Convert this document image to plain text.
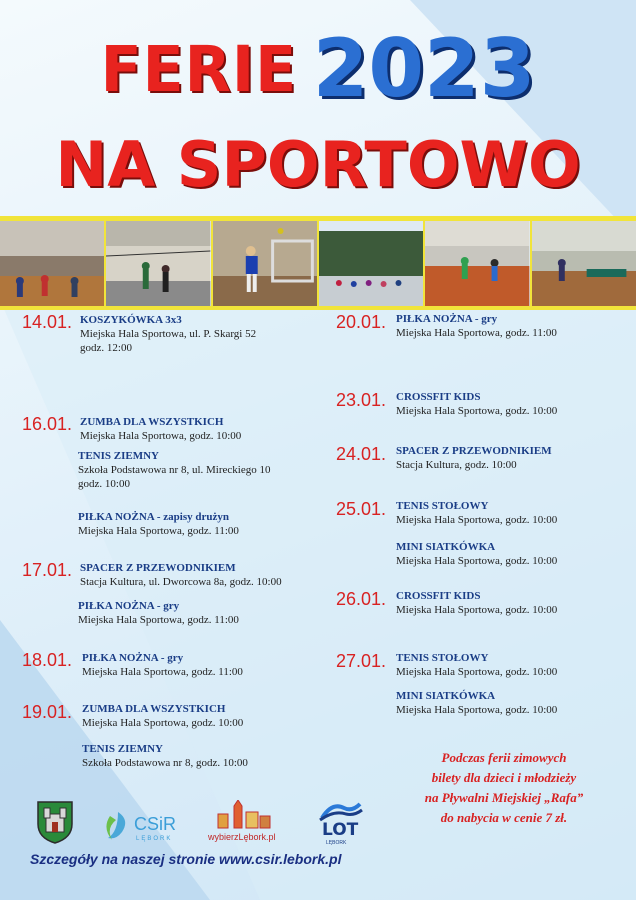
FERIE 2023
NA SPORTOWO
14.01. KOSZYKÓWKA 3x3
Miejska Hala Sportowa, ul. P. Skargi 52
godz. 12:00
16.01. ZUMBA DLA WSZYSTKICH
Miejska Hala Sportowa, godz. 10:00
TENIS ZIEMNY
Szkoła Podstawowa nr 8, ul. Mireckiego 10
godz. 10:00
PIŁKA NOŻNA - zapisy drużyn
Miejska Hala Sportowa, godz. 11:00
17.01. SPACER Z PRZEWODNIKIEM
Stacja Kultura, ul. Dworcowa 8a, godz. 10:00
PIŁKA NOŻNA - gry
Miejska Hala Sportowa, godz. 11:00
18.01. PIŁKA NOŻNA - gry
Miejska Hala Sportowa, godz. 11:00
19.01. ZUMBA DLA WSZYSTKICH
Miejska Hala Sportowa, godz. 10:00
TENIS ZIEMNY
Szkoła Podstawowa nr 8, godz. 10:00
20.01. PIŁKA NOŻNA - gry
Miejska Hala Sportowa, godz. 11:00
23.01. CROSSFIT KIDS
Miejska Hala Sportowa, godz. 10:00
24.01. SPACER Z PRZEWODNIKIEM
Stacja Kultura, godz. 10:00
25.01. TENIS STOŁOWY
Miejska Hala Sportowa, godz. 10:00
MINI SIATKÓWKA
Miejska Hala Sportowa, godz. 10:00
26.01. CROSSFIT KIDS
Miejska Hala Sportowa, godz. 10:00
27.01. TENIS STOŁOWY
Miejska Hala Sportowa, godz. 10:00
MINI SIATKÓWKA
Miejska Hala Sportowa, godz. 10:00
Podczas ferii zimowych
bilety dla dzieci i młodzieży
na Pływalni Miejskiej „Rafa”
do nabycia w cenie 7 zł.
CSiR
LĘBORK	wybierzLębork.pl	LOT
LĘBORK
Szczegóły na naszej stronie www.csir.lebork.pl
